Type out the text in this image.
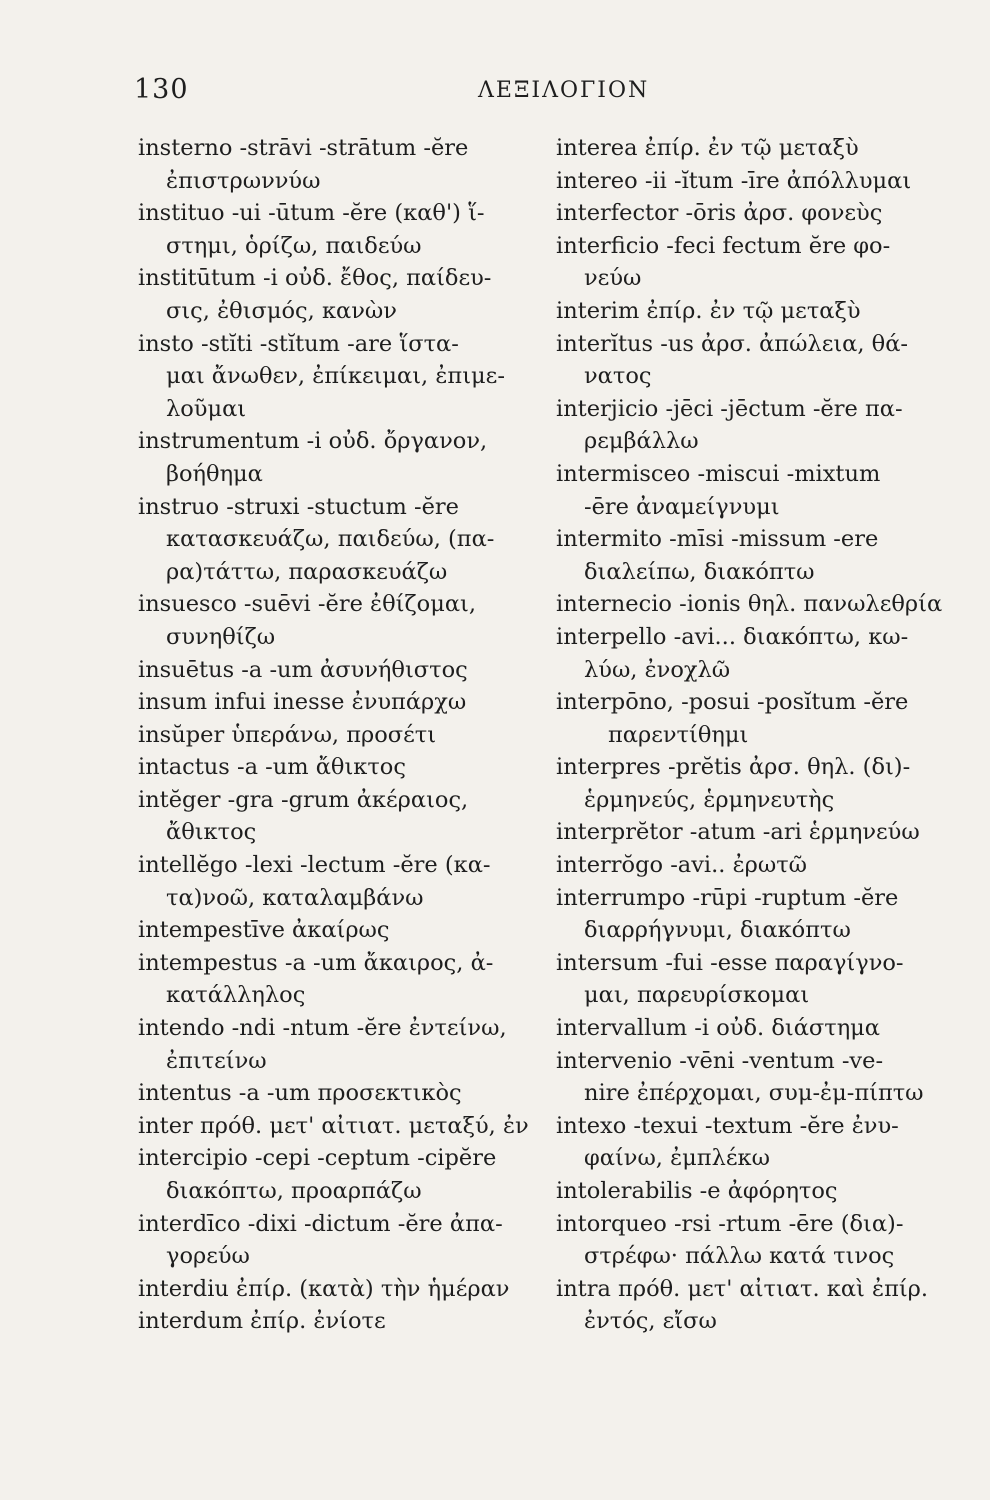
130	ΛΕΞΙΛΟΓΙΟΝ
insterno -strāvi -strātum -ĕre
ἐπιστρωννύω
instituo -ui -ūtum -ĕre (καθ') ἵ-
στημι, ὁρίζω, παιδεύω
institūtum -i οὐδ. ἔθος, παίδευ-
σις, ἐθισμός, κανὼν
insto -stĭti -stĭtum -are ἵστα-
μαι ἄνωθεν, ἐπίκειμαι, ἐπιμε-
λοῦμαι
instrumentum -i οὐδ. ὄργανον,
βοήθημα
instruo -struxi -stuctum -ĕre
κατασκευάζω, παιδεύω, (πα-
ρα)τάττω, παρασκευάζω
insuesco -suēvi -ĕre ἐθίζομαι,
συνηθίζω
insuētus -a -um ἀσυνήθιστος
insum infui inesse ἐνυπάρχω
insŭper ὑπεράνω, προσέτι
intactus -a -um ἄθικτος
intĕger -gra -grum ἀκέραιος,
ἄθικτος
intellĕgo -lexi -lectum -ĕre (κα-
τα)νοῶ, καταλαμβάνω
intempestīve ἀκαίρως
intempestus -a -um ἄκαιρος, ἀ-
κατάλληλος
intendo -ndi -ntum -ĕre ἐντείνω,
ἐπιτείνω
intentus -a -um προσεκτικὸς
inter πρόθ. μετ' αἰτιατ. μεταξύ, ἐν
intercipio -cepi -ceptum -cipĕre
διακόπτω, προαρπάζω
interdīco -dixi -dictum -ĕre ἀπα-
γορεύω
interdiu ἐπίρ. (κατὰ) τὴν ἡμέραν
interdum ἐπίρ. ἐνίοτε
interea ἐπίρ. ἐν τῷ μεταξὺ
intereo -ii -ĭtum -īre ἀπόλλυμαι
interfector -ōris ἀρσ. φονεὺς
interficio -feci fectum ĕre φο-
νεύω
interim ἐπίρ. ἐν τῷ μεταξὺ
interĭtus -us ἀρσ. ἀπώλεια, θά-
νατος
interjicio -jēci -jēctum -ĕre πα-
ρεμβάλλω
intermisceo -miscui -mixtum
-ēre ἀναμείγνυμι
intermito -mīsi -missum -ere
διαλείπω, διακόπτω
internecio -ionis θηλ. πανωλεθρία
interpello -avi... διακόπτω, κω-
λύω, ἐνοχλῶ
interpōno, -posui -posĭtum -ĕre
παρεντίθημι
interpres -prĕtis ἀρσ. θηλ. (δι)-
ἑρμηνεύς, ἑρμηνευτὴς
interprĕtor -atum -ari ἑρμηνεύω
interrŏgo -avi.. ἐρωτῶ
interrumpo -rūpi -ruptum -ĕre
διαρρήγνυμι, διακόπτω
intersum -fui -esse παραγίγνο-
μαι, παρευρίσκομαι
intervallum -i οὐδ. διάστημα
intervenio -vēni -ventum -ve-
nire ἐπέρχομαι, συμ-ἐμ-πίπτω
intexo -texui -textum -ĕre ἐνυ-
φαίνω, ἐμπλέκω
intolerabilis -e ἀφόρητος
intorqueo -rsi -rtum -ēre (δια)-
στρέφω· πάλλω κατά τινος
intra πρόθ. μετ' αἰτιατ. καὶ ἐπίρ.
ἐντός, εἴσω
